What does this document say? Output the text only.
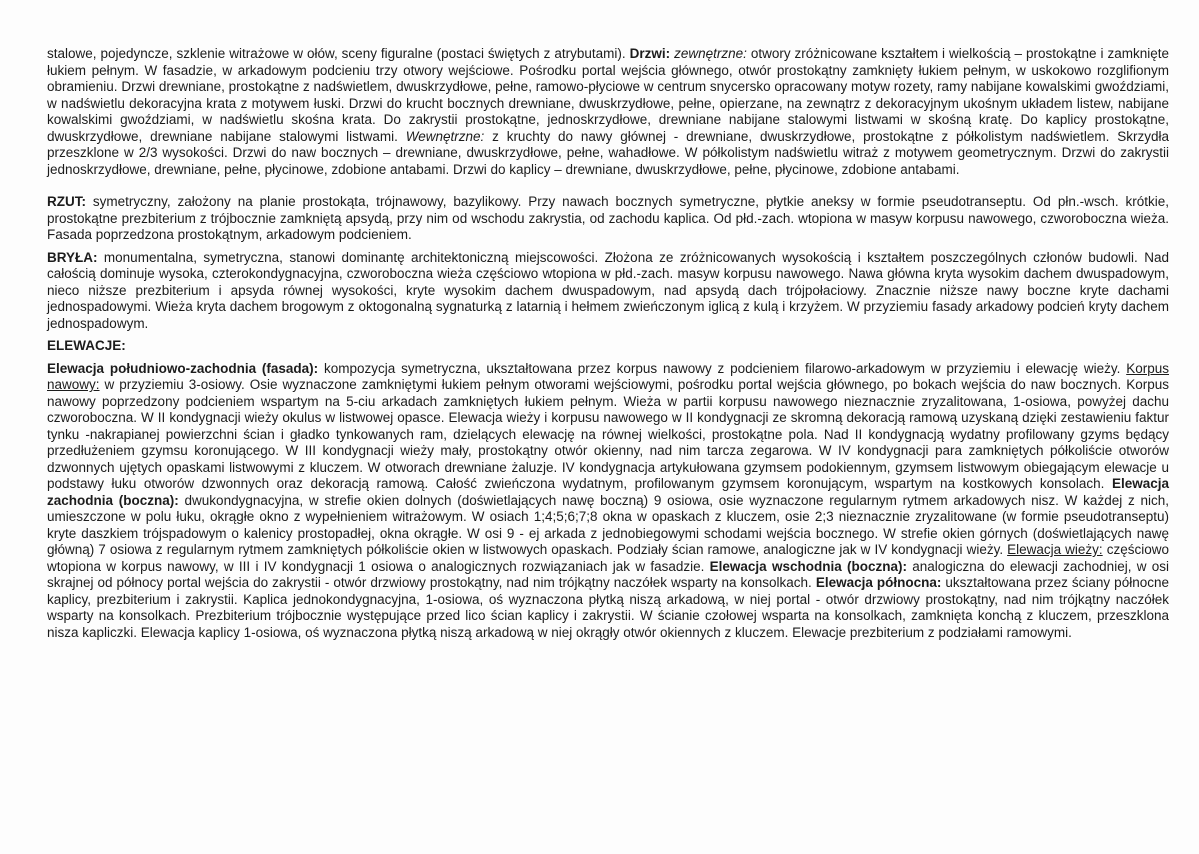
stalowe, pojedyncze, szklenie witrażowe w ołów, sceny figuralne (postaci świętych z atrybutami). Drzwi: zewnętrzne: otwory zróżnicowane kształtem i wielkością – prostokątne i zamknięte łukiem pełnym. W fasadzie, w arkadowym podcieniu trzy otwory wejściowe. Pośrodku portal wejścia głównego, otwór prostokątny zamknięty łukiem pełnym, w uskokowo rozglifionym obramieniu. Drzwi drewniane, prostokątne z nadświetlem, dwuskrzydłowe, pełne, ramowo-płyciowe w centrum snycersko opracowany motyw rozety, ramy nabijane kowalskimi gwoździami, w nadświetlu dekoracyjna krata z motywem łuski. Drzwi do krucht bocznych drewniane, dwuskrzydłowe, pełne, opierzane, na zewnątrz z dekoracyjnym ukośnym układem listew, nabijane kowalskimi gwoździami, w nadświetlu skośna krata. Do zakrystii prostokątne, jednoskrzydłowe, drewniane nabijane stalowymi listwami w skośną kratę. Do kaplicy prostokątne, dwuskrzydłowe, drewniane nabijane stalowymi listwami. Wewnętrzne: z kruchty do nawy głównej - drewniane, dwuskrzydłowe, prostokątne z półkolistym nadświetlem. Skrzydła przeszklone w 2/3 wysokości. Drzwi do naw bocznych – drewniane, dwuskrzydłowe, pełne, wahadłowe. W półkolistym nadświetlu witraż z motywem geometrycznym. Drzwi do zakrystii jednoskrzydłowe, drewniane, pełne, płycinowe, zdobione antabami. Drzwi do kaplicy – drewniane, dwuskrzydłowe, pełne, płycinowe, zdobione antabami.

RZUT: symetryczny, założony na planie prostokąta, trójnawowy, bazylikowy. Przy nawach bocznych symetryczne, płytkie aneksy w formie pseudotranseptu. Od płn.-wsch. krótkie, prostokątne prezbiterium z trójbocznie zamkniętą apsydą, przy nim od wschodu zakrystia, od zachodu kaplica. Od płd.-zach. wtopiona w masyw korpusu nawowego, czworoboczna wieża. Fasada poprzedzona prostokątnym, arkadowym podcieniem.

BRYŁA: monumentalna, symetryczna, stanowi dominantę architektoniczną miejscowości. Złożona ze zróżnicowanych wysokością i kształtem poszczególnych członów budowli. Nad całością dominuje wysoka, czterokondygnacyjna, czworoboczna wieża częściowo wtopiona w płd.-zach. masyw korpusu nawowego. Nawa główna kryta wysokim dachem dwuspadowym, nieco niższe prezbiterium i apsyda równej wysokości, kryte wysokim dachem dwuspadowym, nad apsydą dach trójpołaciowy. Znacznie niższe nawy boczne kryte dachami jednospadowymi. Wieża kryta dachem brogowym z oktogonalną sygnaturką z latarnią i hełmem zwieńczonym iglicą z kulą i krzyżem. W przyziemiu fasady arkadowy podcień kryty dachem jednospadowym.

ELEWACJE:

Elewacja południowo-zachodnia (fasada): kompozycja symetryczna, ukształtowana przez korpus nawowy z podcieniem filarowo-arkadowym w przyziemiu i elewację wieży. Korpus nawowy: w przyziemiu 3-osiowy. Osie wyznaczone zamkniętymi łukiem pełnym otworami wejściowymi, pośrodku portal wejścia głównego, po bokach wejścia do naw bocznych. Korpus nawowy poprzedzony podcieniem wspartym na 5-ciu arkadach zamkniętych łukiem pełnym. Wieża w partii korpusu nawowego nieznacznie zryzalitowana, 1-osiowa, powyżej dachu czworoboczna. W II kondygnacji wieży okulus w listwowej opasce. Elewacja wieży i korpusu nawowego w II kondygnacji ze skromną dekoracją ramową uzyskaną dzięki zestawieniu faktur tynku -nakrapianej powierzchni ścian i gładko tynkowanych ram, dzielących elewację na równej wielkości, prostokątne pola. Nad II kondygnacją wydatny profilowany gzyms będący przedłużeniem gzymsu koronującego. W III kondygnacji wieży mały, prostokątny otwór okienny, nad nim tarcza zegarowa. W IV kondygnacji para zamkniętych półkoliście otworów dzwonnych ujętych opaskami listwowymi z kluczem. W otworach drewniane żaluzje. IV kondygnacja artykułowana gzymsem podokiennym, gzymsem listwowym obiegającym elewacje u podstawy łuku otworów dzwonnych oraz dekoracją ramową. Całość zwieńczona wydatnym, profilowanym gzymsem koronującym, wspartym na kostkowych konsolach. Elewacja zachodnia (boczna): dwukondygnacyjna, w strefie okien dolnych (doświetlających nawę boczną) 9 osiowa, osie wyznaczone regularnym rytmem arkadowych nisz. W każdej z nich, umieszczone w polu łuku, okrągłe okno z wypełnieniem witrażowym. W osiach 1;4;5;6;7;8 okna w opaskach z kluczem, osie 2;3 nieznacznie zryzalitowane (w formie pseudotranseptu) kryte daszkiem trójspadowym o kalenicy prostopadłej, okna okrągłe. W osi 9 - ej arkada z jednobiegowymi schodami wejścia bocznego. W strefie okien górnych (doświetlających nawę główną) 7 osiowa z regularnym rytmem zamkniętych półkoliście okien w listwowych opaskach. Podziały ścian ramowe, analogiczne jak w IV kondygnacji wieży. Elewacja wieży: częściowo wtopiona w korpus nawowy, w III i IV kondygnacji 1 osiowa o analogicznych rozwiązaniach jak w fasadzie. Elewacja wschodnia (boczna): analogiczna do elewacji zachodniej, w osi skrajnej od północy portal wejścia do zakrystii - otwór drzwiowy prostokątny, nad nim trójkątny naczółek wsparty na konsolkach. Elewacja północna: ukształtowana przez ściany północne kaplicy, prezbiterium i zakrystii. Kaplica jednokondygnacyjna, 1-osiowa, oś wyznaczona płytką niszą arkadową, w niej portal - otwór drzwiowy prostokątny, nad nim trójkątny naczółek wsparty na konsolkach. Prezbiterium trójbocznie występujące przed lico ścian kaplicy i zakrystii. W ścianie czołowej wsparta na konsolkach, zamknięta konchą z kluczem, przeszklona nisza kapliczki. Elewacja kaplicy 1-osiowa, oś wyznaczona płytką niszą arkadową w niej okrągły otwór okiennych z kluczem. Elewacje prezbiterium z podziałami ramowymi.
